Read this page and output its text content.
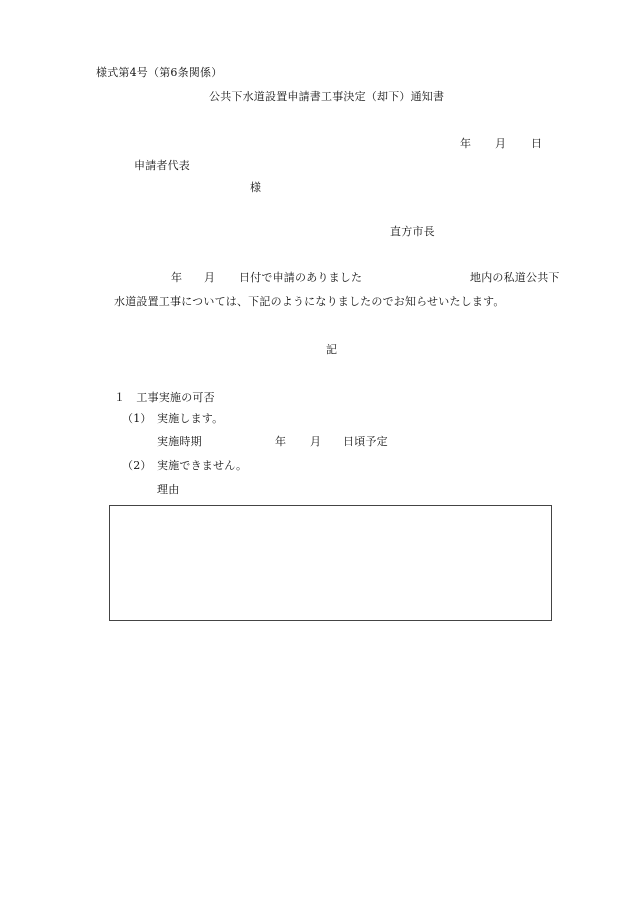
様式第4号（第6条関係）
公共下水道設置申請書工事決定（却下）通知書
年 月 日
申請者代表
様
直方市長
年 月 日付で申請のありました	地内の私道公共下
水道設置工事については、下記のようになりましたのでお知らせいたします。
記
１　工事実施の可否
（1） 実施します。
実施時期	年 月 日頃予定
（2） 実施できません。
理由
